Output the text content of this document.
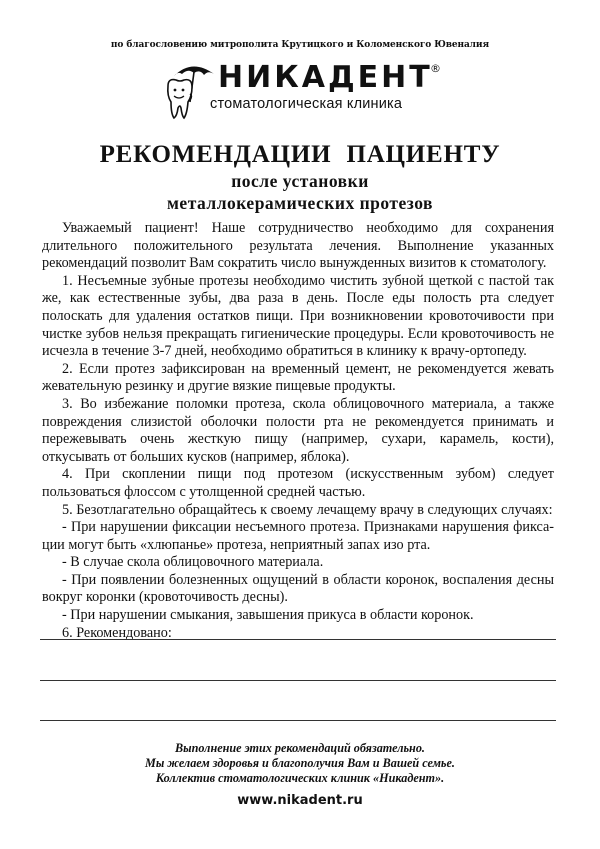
по благословению митрополита Крутицкого и Коломенского Ювеналия
НИКАДЕНТ
®
стоматологическая клиника
РЕКОМЕНДАЦИИ ПАЦИЕНТУ
после установки
металлокерамических протезов

Уважаемый пациент! Наше сотрудничество необходимо для сохранения длительного положительного результата лечения. Выполнение указанных рекомендаций позволит Вам сократить число вынужденных визитов к стоматологу.

1. Несъемные зубные протезы необходимо чистить зубной щеткой с пастой так же, как естественные зубы, два раза в день. После еды полость рта следует полоскать для удаления остатков пищи. При возникновении кровоточивости при чистке зубов нельзя прекращать гигиенические процедуры. Если кровоточивость не исчезла в течение 3-7 дней, необходимо обратиться в клинику к врачу-ортопеду.

2. Если протез зафиксирован на временный цемент, не рекомендуется жевать жевательную резинку и другие вязкие пищевые продукты.

3. Во избежание поломки протеза, скола облицовочного материала, а также повреждения слизистой оболочки полости рта не рекомендуется принимать и пережевывать очень жесткую пищу (например, сухари, карамель, кости), откусывать от больших кусков (например, яблока).

4. При скоплении пищи под протезом (искусственным зубом) следует пользоваться флоссом с утолщенной средней частью.

5. Безотлагательно обращайтесь к своему лечащему врачу в следующих случаях:

- При нарушении фиксации несъемного протеза. Признаками нарушения фиксации могут быть «хлюпанье» протеза, неприятный запах изо рта.

- В случае скола облицовочного материала.

- При появлении болезненных ощущений в области коронок, воспаления десны вокруг коронки (кровоточивость десны).

- При нарушении смыкания, завышения прикуса в области коронок.

6. Рекомендовано:

Выполнение этих рекомендаций обязательно.
Мы желаем здоровья и благополучия Вам и Вашей семье.
Коллектив стоматологических клиник «Никадент».
www.nikadent.ru
